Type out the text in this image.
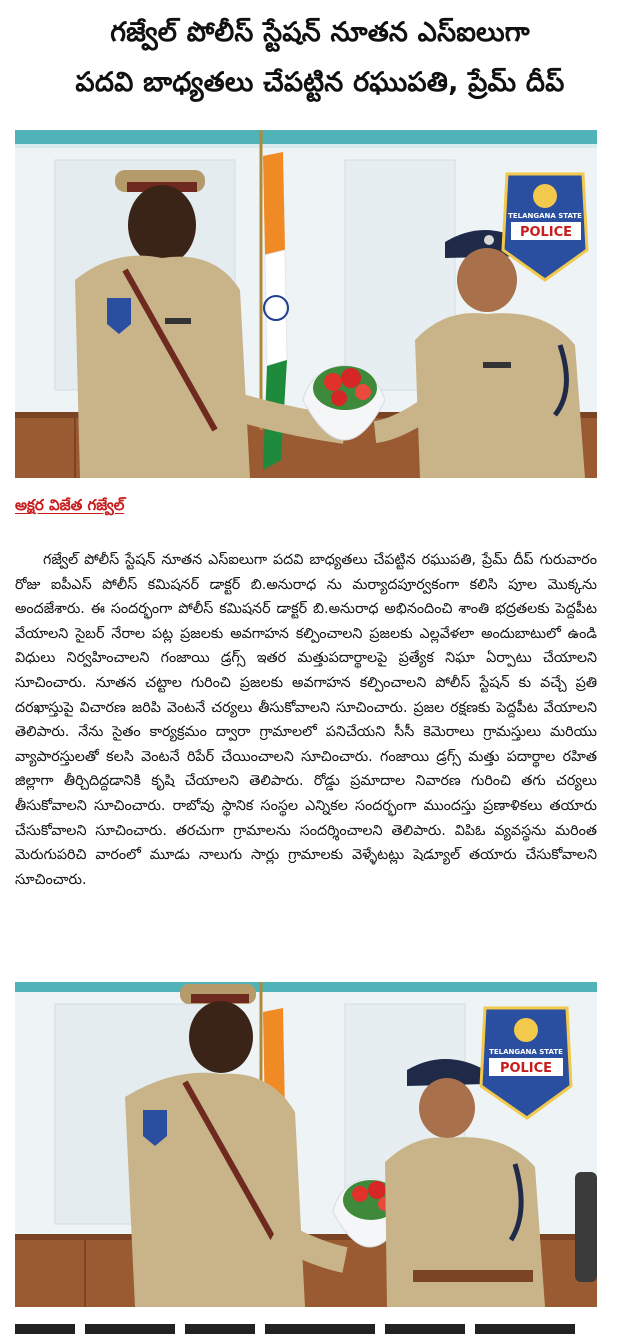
గజ్వేల్ పోలీస్ స్టేషన్ నూతన ఎస్ఐలుగా
పదవి బాధ్యతలు చేపట్టిన రఘుపతి, ప్రేమ్ దీప్
TELANGANA STATE
POLICE
అక్షర విజేత గజ్వేల్

గజ్వేల్ పోలీస్ స్టేషన్ నూతన ఎస్ఐలుగా పదవి బాధ్యతలు చేపట్టిన రఘుపతి, ప్రేమ్ దీప్ గురువారం రోజు ఐపీఎస్ పోలీస్ కమిషనర్ డాక్టర్ బి.అనురాధ ను మర్యాదపూర్వకంగా కలిసి పూల మొక్కను అందజేశారు. ఈ సందర్భంగా పోలీస్ కమిషనర్ డాక్టర్ బి.అనురాధ అభినందించి శాంతి భద్రతలకు పెద్దపీట వేయాలని సైబర్ నేరాల పట్ల ప్రజలకు అవగాహన కల్పించాలని ప్రజలకు ఎల్లవేళలా అందుబాటులో ఉండి విధులు నిర్వహించాలని గంజాయి డ్రగ్స్ ఇతర మత్తుపదార్థాలపై ప్రత్యేక నిఘా ఏర్పాటు చేయాలని సూచించారు. నూతన చట్టాల గురించి ప్రజలకు అవగాహన కల్పించాలని పోలీస్ స్టేషన్ కు వచ్చే ప్రతి దరఖాస్తుపై విచారణ జరిపి వెంటనే చర్యలు తీసుకోవాలని సూచించారు. ప్రజల రక్షణకు పెద్దపీట వేయాలని తెలిపారు. నేను సైతం కార్యక్రమం ద్వారా గ్రామాలలో పనిచేయని సీసీ కెమెరాలు గ్రామస్తులు మరియు వ్యాపారస్తులతో కలసి వెంటనే రిపేర్ చేయించాలని సూచించారు. గంజాయి డ్రగ్స్ మత్తు పదార్థాల రహిత జిల్లాగా తీర్చిదిద్దడానికి కృషి చేయాలని తెలిపారు. రోడ్డు ప్రమాదాల నివారణ గురించి తగు చర్యలు తీసుకోవాలని సూచించారు. రాబోవు స్థానిక సంస్థల ఎన్నికల సందర్భంగా ముందస్తు ప్రణాళికలు తయారు చేసుకోవాలని సూచించారు. తరచుగా గ్రామాలను సందర్శించాలని తెలిపారు. విపిఓ వ్యవస్థను మరింత మెరుగుపరిచి వారంలో మూడు నాలుగు సార్లు గ్రామాలకు వెళ్ళేటట్లు షెడ్యూల్ తయారు చేసుకోవాలని సూచించారు.

TELANGANA STATE
POLICE
